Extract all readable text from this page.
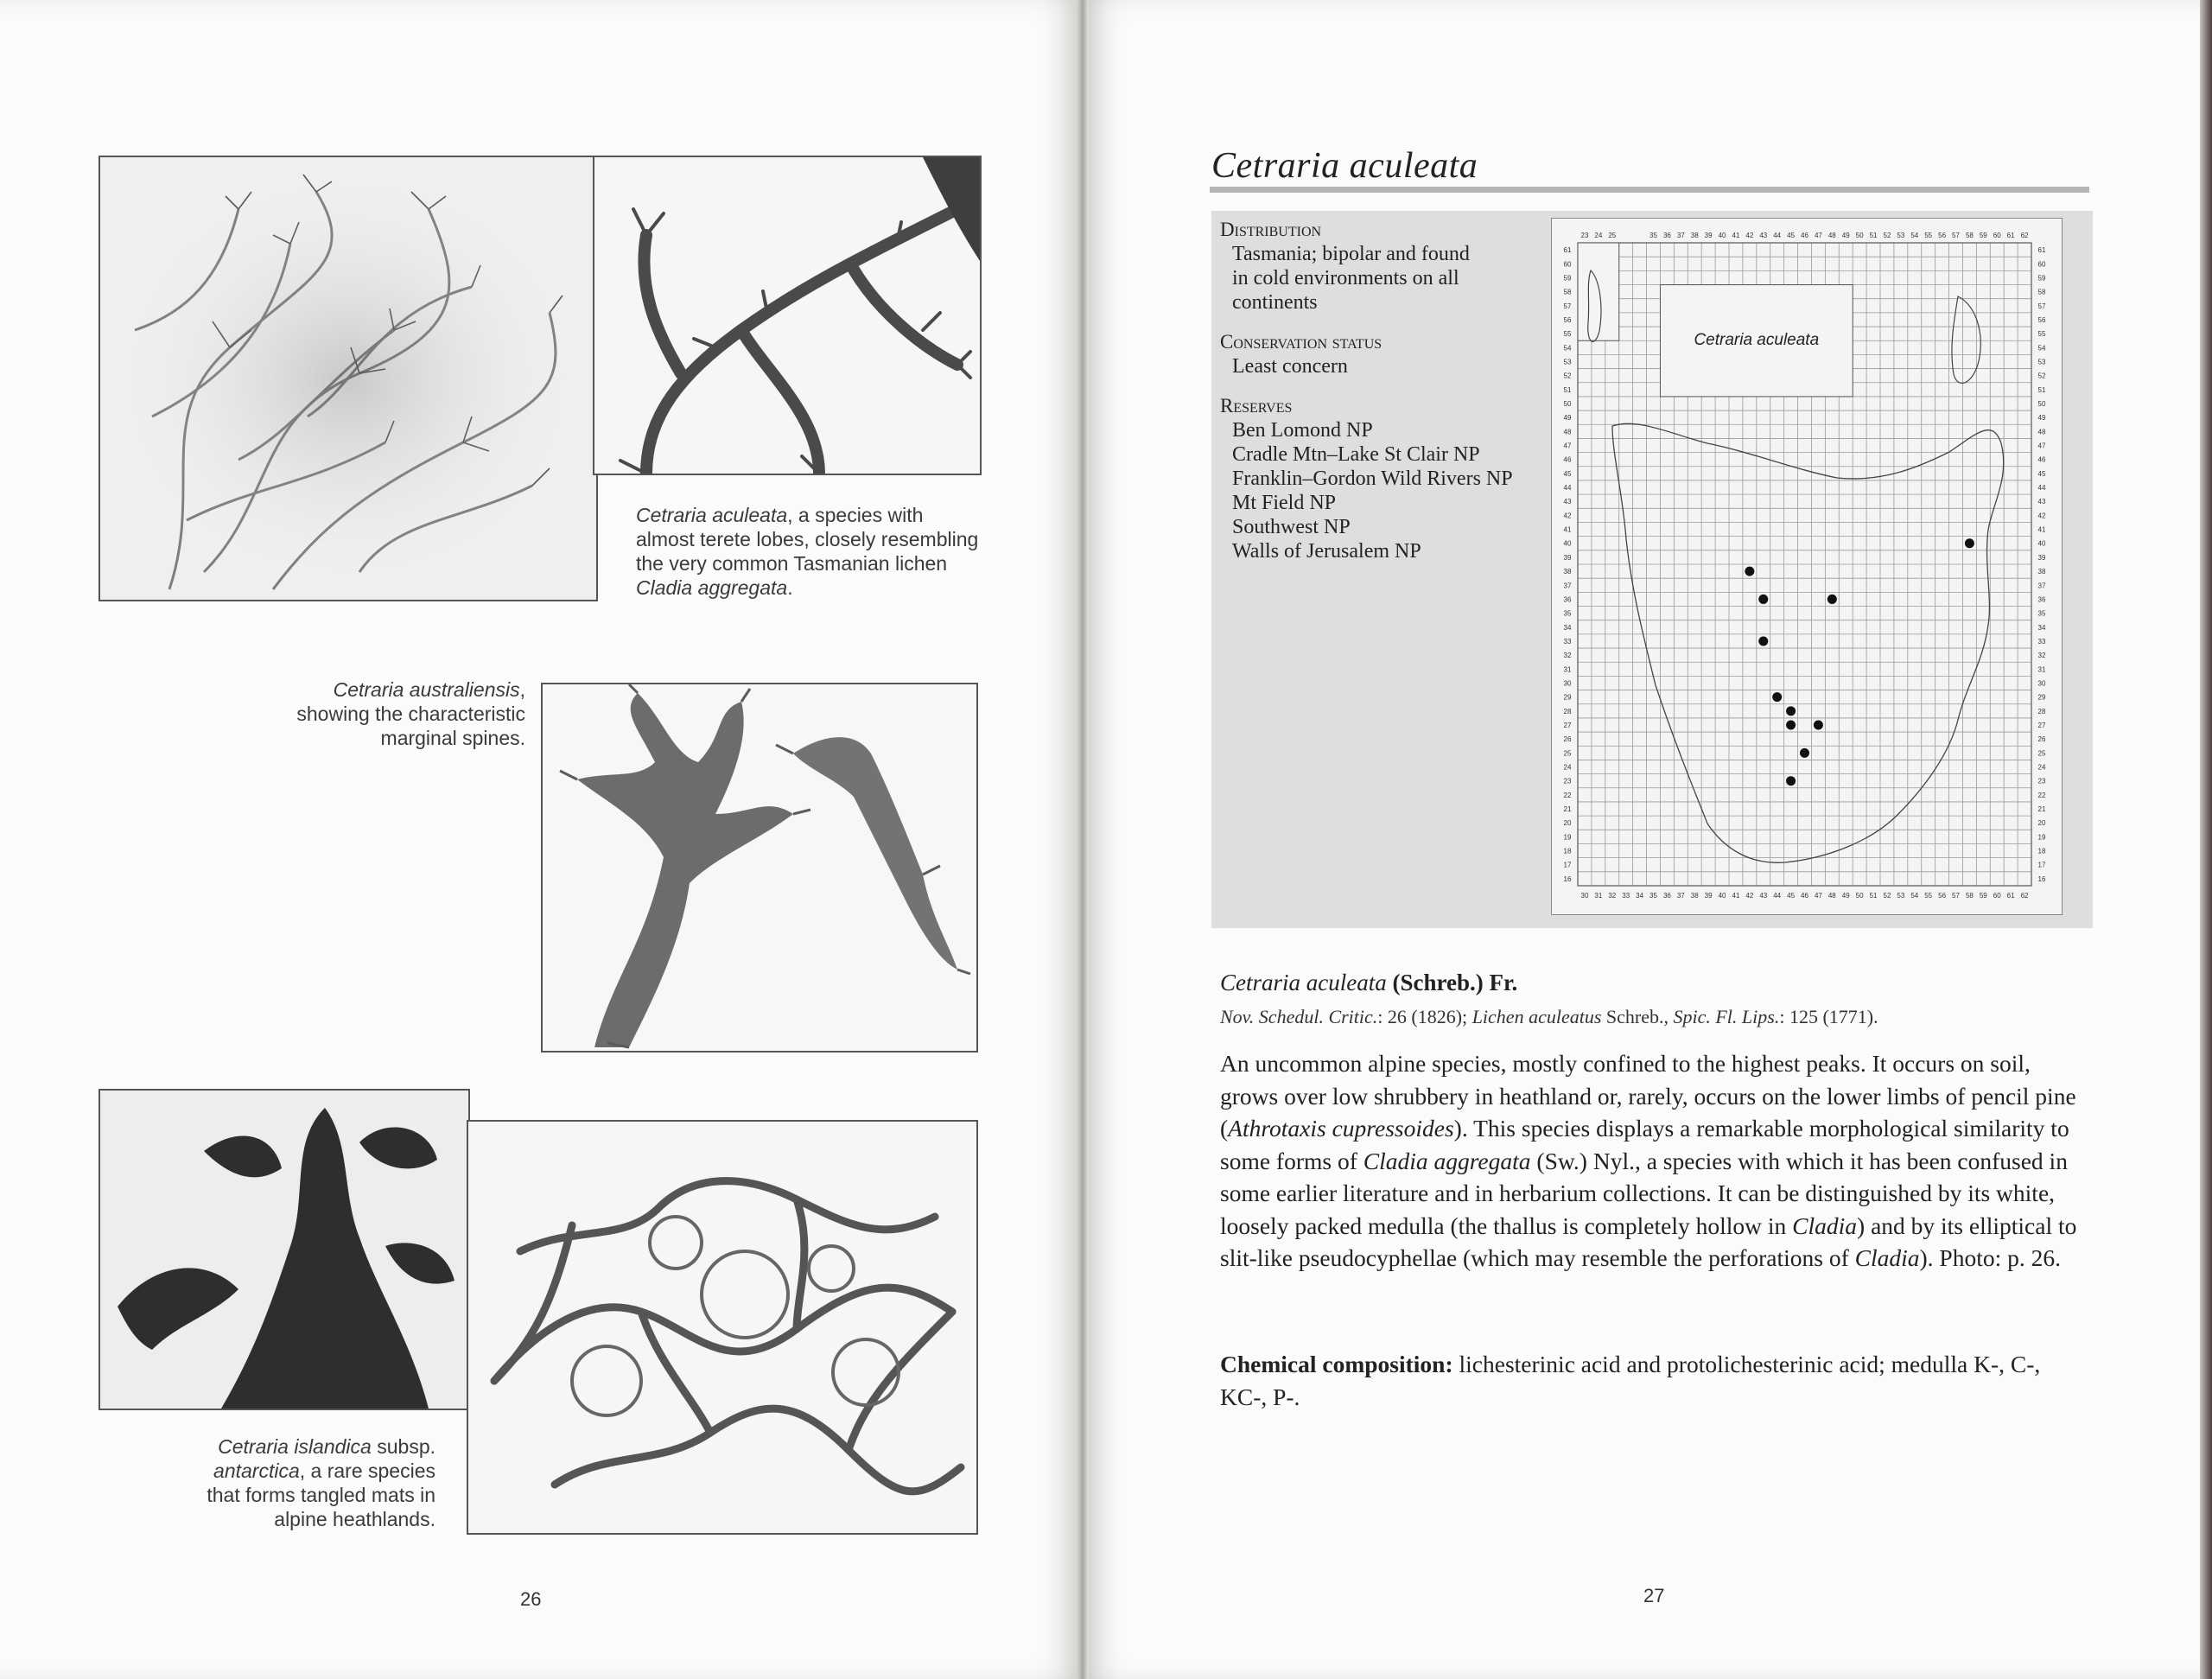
Cetraria aculeata, a species with almost terete lobes, closely resembling the very common Tasmanian lichen Cladia aggregata.
Cetraria australiensis, showing the characteristic marginal spines.
Cetraria islandica subsp. antarctica, a rare species that forms tangled mats in alpine heathlands.
26
Cetraria aculeata
Distribution
Tasmania; bipolar and found
in cold environments on all
continents
Conservation status
Least concern
Reserves
Ben Lomond NP
Cradle Mtn–Lake St Clair NP
Franklin–Gordon Wild Rivers NP
Mt Field NP
Southwest NP
Walls of Jerusalem NP
Cetraria aculeata
23 24 25	35 36 37 38 39 40 41 42 43 44 45 46 47 48 49 50 51 52 53 54 55 56 57 58 59 60 61 62
30 31 32 33 34 35 36 37 38 39 40 41 42 43 44 45 46 47 48 49 50 51 52 53 54 55 56 57 58 59 60 61 62
61	61
60	60
59	59
58	58
57	57
56	56
55	55
54	54
53	53
52	52
51	51
50	50
49	49
48	48
47	47
46	46
45	45
44	44
43	43
42	42
41	41
40	40
39	39
38	38
37	37
36	36
35	35
34	34
33	33
32	32
31	31
30	30
29	29
28	28
27	27
26	26
25	25
24	24
23	23
22	22
21	21
20	20
19	19
18	18
17	17
16	16
Cetraria aculeata (Schreb.) Fr.
Nov. Schedul. Critic.: 26 (1826); Lichen aculeatus Schreb., Spic. Fl. Lips.: 125 (1771).
An uncommon alpine species, mostly confined to the highest peaks. It occurs on soil, grows over low shrubbery in heathland or, rarely, occurs on the lower limbs of pencil pine (Athrotaxis cupressoides). This species displays a remarkable morphological similarity to some forms of Cladia aggregata (Sw.) Nyl., a species with which it has been confused in some earlier literature and in herbarium collections. It can be distinguished by its white, loosely packed medulla (the thallus is completely hollow in Cladia) and by its elliptical to slit-like pseudocyphellae (which may resemble the perforations of Cladia). Photo: p. 26.
Chemical composition: lichesterinic acid and protolichesterinic acid; medulla K-, C-, KC-, P-.
27
